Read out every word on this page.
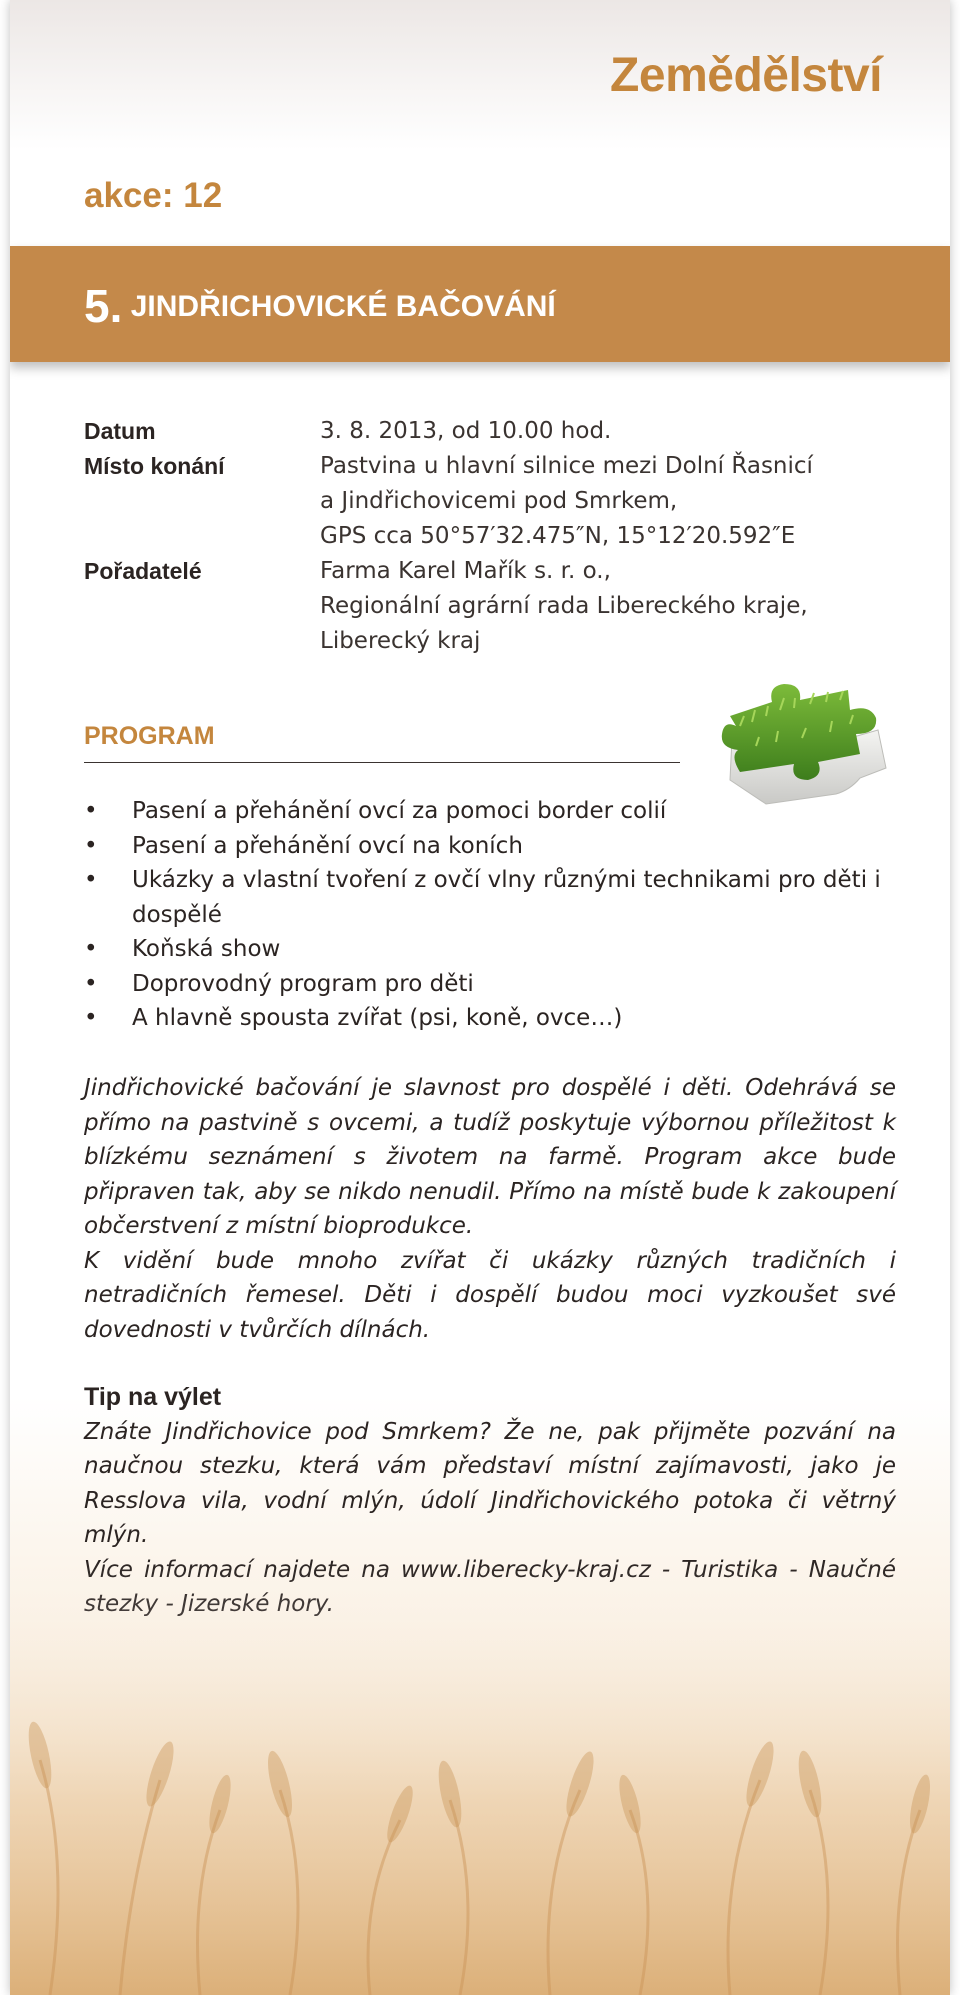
Zemědělství
akce: 12
5. JINDŘICHOVICKÉ BAČOVÁNÍ
Datum	3. 8. 2013, od 10.00 hod.
Místo konání	Pastvina u hlavní silnice mezi Dolní Řasnicí
a Jindřichovicemi pod Smrkem,
GPS cca 50°57′32.475″N, 15°12′20.592″E
Pořadatelé	Farma Karel Mařík s. r. o.,
Regionální agrární rada Libereckého kraje,
Liberecký kraj
PROGRAM
• Pasení a přehánění ovcí za pomoci border colií
• Pasení a přehánění ovcí na koních
• Ukázky a vlastní tvoření z ovčí vlny různými technikami pro děti i dospělé
• Koňská show
• Doprovodný program pro děti
• A hlavně spousta zvířat (psi, koně, ovce…)

Jindřichovické bačování je slavnost pro dospělé i děti. Odehrává se přímo na pastvině s ovcemi, a tudíž poskytuje výbornou příležitost k blízkému seznámení s životem na farmě. Program akce bude připraven tak, aby se nikdo nenudil. Přímo na místě bude k zakoupení občerstvení z místní bioprodukce.

K vidění bude mnoho zvířat či ukázky různých tradičních i netradičních řemesel. Děti i dospělí budou moci vyzkoušet své dovednosti v tvůrčích dílnách.

Tip na výlet

Znáte Jindřichovice pod Smrkem? Že ne, pak přijměte pozvání na naučnou stezku, která vám představí místní zajímavosti, jako je Resslova vila, vodní mlýn, údolí Jindřichovického potoka či větrný mlýn.
